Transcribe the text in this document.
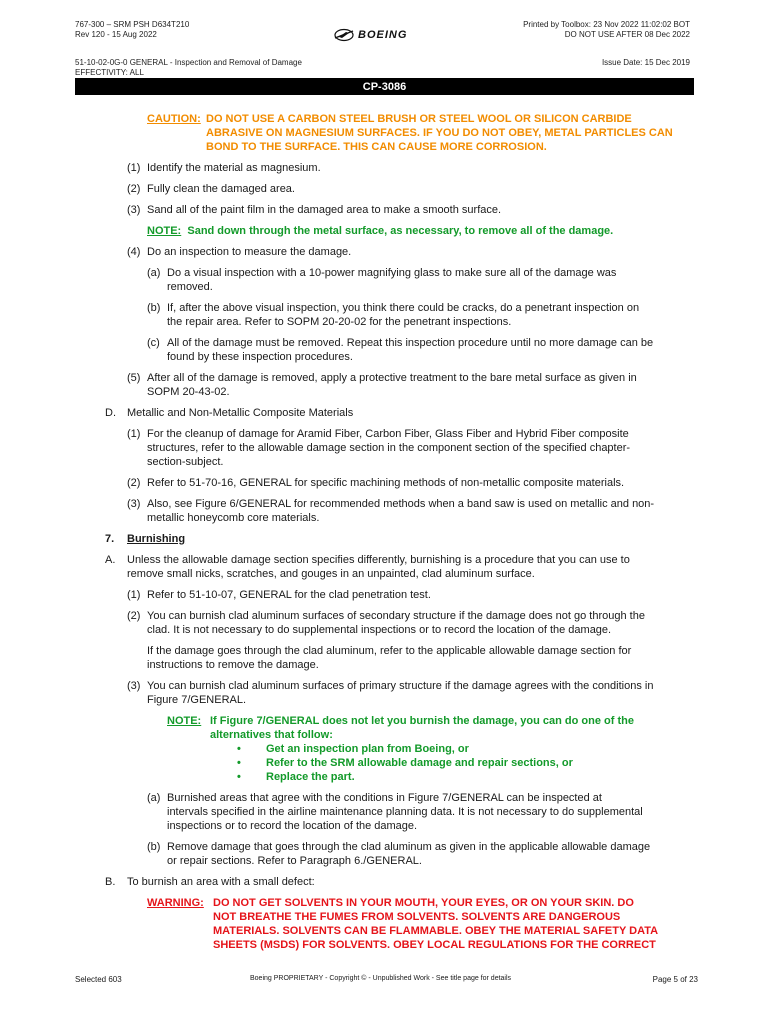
767-300 – SRM PSH D634T210
Rev 120 - 15 Aug 2022	BOEING
Printed by Toolbox: 23 Nov 2022 11:02:02 BOT
DO NOT USE AFTER 08 Dec 2022
51-10-02-0G-0 GENERAL - Inspection and Removal of Damage
EFFECTIVITY: ALL
Issue Date: 15 Dec 2019
CP-3086
CAUTION: DO NOT USE A CARBON STEEL BRUSH OR STEEL WOOL OR SILICON CARBIDE
ABRASIVE ON MAGNESIUM SURFACES. IF YOU DO NOT OBEY, METAL PARTICLES CAN
BOND TO THE SURFACE. THIS CAN CAUSE MORE CORROSION.
(1) Identify the material as magnesium.
(2) Fully clean the damaged area.
(3) Sand all of the paint film in the damaged area to make a smooth surface.
NOTE: Sand down through the metal surface, as necessary, to remove all of the damage.
(4) Do an inspection to measure the damage.
(a) Do a visual inspection with a 10-power magnifying glass to make sure all of the damage was
removed.
(b) If, after the above visual inspection, you think there could be cracks, do a penetrant inspection on
the repair area. Refer to SOPM 20-20-02 for the penetrant inspections.
(c) All of the damage must be removed. Repeat this inspection procedure until no more damage can be
found by these inspection procedures.
(5) After all of the damage is removed, apply a protective treatment to the bare metal surface as given in
SOPM 20-43-02.
D. Metallic and Non-Metallic Composite Materials
(1) For the cleanup of damage for Aramid Fiber, Carbon Fiber, Glass Fiber and Hybrid Fiber composite
structures, refer to the allowable damage section in the component section of the specified chapter-
section-subject.
(2) Refer to 51-70-16, GENERAL for specific machining methods of non-metallic composite materials.
(3) Also, see Figure 6/GENERAL for recommended methods when a band saw is used on metallic and non-
metallic honeycomb core materials.
7. Burnishing
A. Unless the allowable damage section specifies differently, burnishing is a procedure that you can use to
remove small nicks, scratches, and gouges in an unpainted, clad aluminum surface.
(1) Refer to 51-10-07, GENERAL for the clad penetration test.
(2) You can burnish clad aluminum surfaces of secondary structure if the damage does not go through the
clad. It is not necessary to do supplemental inspections or to record the location of the damage.
If the damage goes through the clad aluminum, refer to the applicable allowable damage section for
instructions to remove the damage.
(3) You can burnish clad aluminum surfaces of primary structure if the damage agrees with the conditions in
Figure 7/GENERAL.
NOTE: If Figure 7/GENERAL does not let you burnish the damage, you can do one of the
alternatives that follow:
• Get an inspection plan from Boeing, or
• Refer to the SRM allowable damage and repair sections, or
• Replace the part.
(a) Burnished areas that agree with the conditions in Figure 7/GENERAL can be inspected at
intervals specified in the airline maintenance planning data. It is not necessary to do supplemental
inspections or to record the location of the damage.
(b) Remove damage that goes through the clad aluminum as given in the applicable allowable damage
or repair sections. Refer to Paragraph 6./GENERAL.
B. To burnish an area with a small defect:
WARNING: DO NOT GET SOLVENTS IN YOUR MOUTH, YOUR EYES, OR ON YOUR SKIN. DO
NOT BREATHE THE FUMES FROM SOLVENTS. SOLVENTS ARE DANGEROUS
MATERIALS. SOLVENTS CAN BE FLAMMABLE. OBEY THE MATERIAL SAFETY DATA
SHEETS (MSDS) FOR SOLVENTS. OBEY LOCAL REGULATIONS FOR THE CORRECT
Selected 603	Boeing PROPRIETARY - Copyright © - Unpublished Work - See title page for details	Page 5 of 23
